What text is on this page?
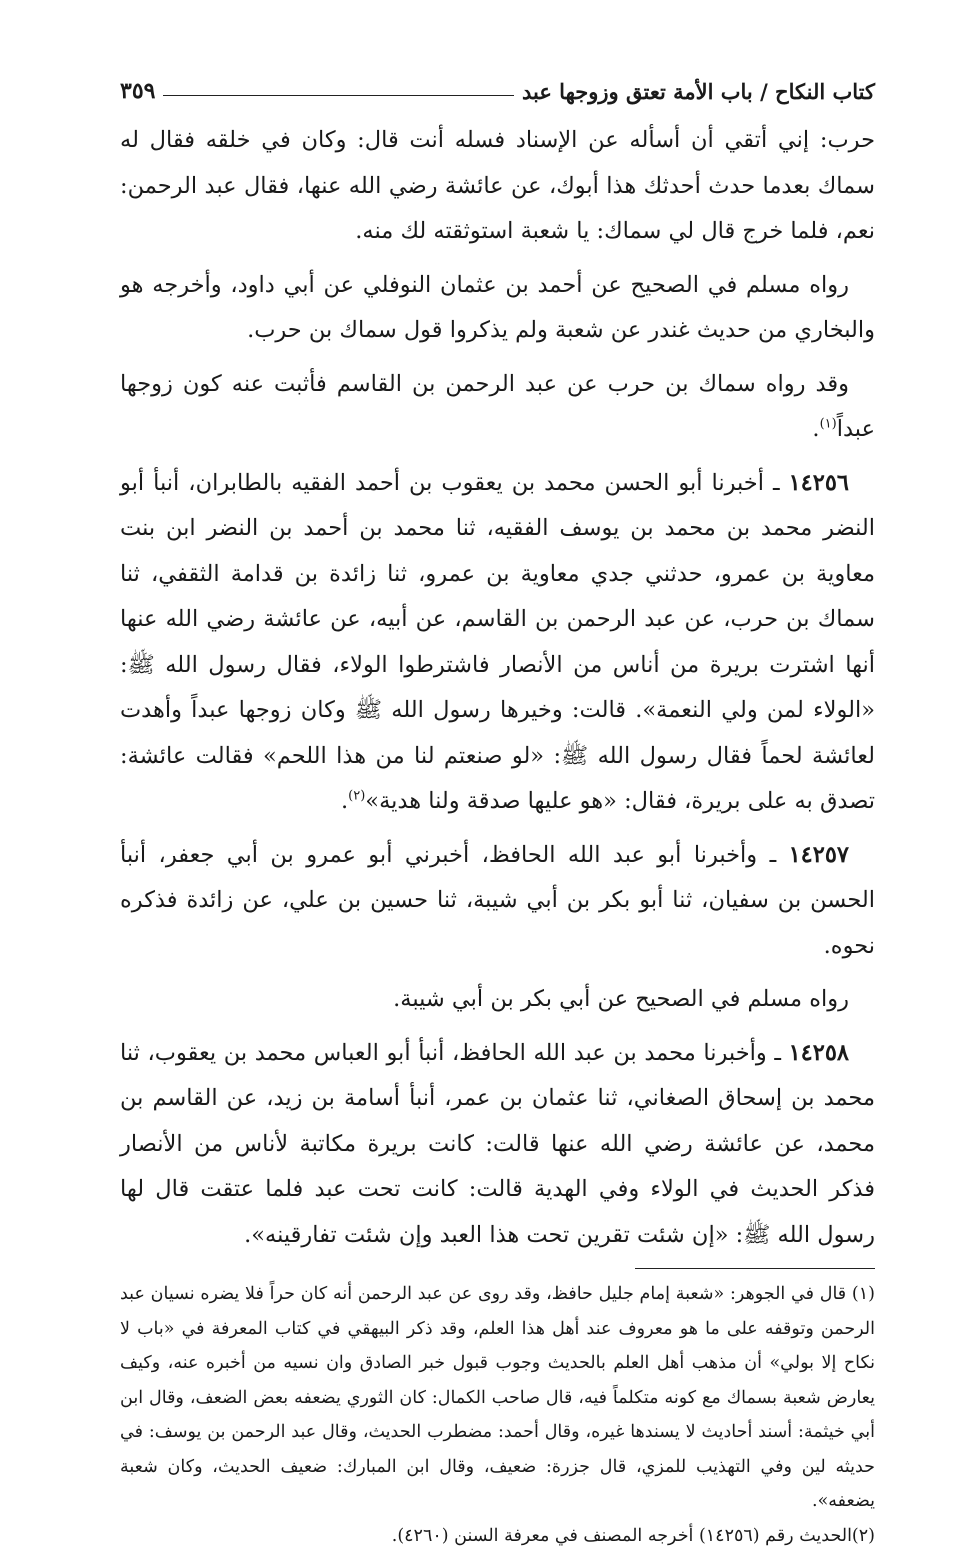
كتاب النكاح / باب الأمة تعتق وزوجها عبد
٣٥٩

حرب: إني أتقي أن أسأله عن الإسناد فسله أنت قال: وكان في خلقه فقال له سماك بعدما حدث أحدثك هذا أبوك، عن عائشة رضي الله عنها، فقال عبد الرحمن: نعم، فلما خرج قال لي سماك: يا شعبة استوثقته لك منه.

رواه مسلم في الصحيح عن أحمد بن عثمان النوفلي عن أبي داود، وأخرجه هو والبخاري من حديث غندر عن شعبة ولم يذكروا قول سماك بن حرب.

وقد رواه سماك بن حرب عن عبد الرحمن بن القاسم فأثبت عنه كون زوجها عبداً$^{(١)}$.

١٤٢٥٦ ـ أخبرنا أبو الحسن محمد بن يعقوب بن أحمد الفقيه بالطابران، أنبأ أبو النضر محمد بن محمد بن يوسف الفقيه، ثنا محمد بن أحمد بن النضر ابن بنت معاوية بن عمرو، حدثني جدي معاوية بن عمرو، ثنا زائدة بن قدامة الثقفي، ثنا سماك بن حرب، عن عبد الرحمن بن القاسم، عن أبيه، عن عائشة رضي الله عنها أنها اشترت بريرة من أناس من الأنصار فاشترطوا الولاء، فقال رسول الله ﷺ: «الولاء لمن ولي النعمة». قالت: وخيرها رسول الله ﷺ وكان زوجها عبداً وأهدت لعائشة لحماً فقال رسول الله ﷺ: «لو صنعتم لنا من هذا اللحم» فقالت عائشة: تصدق به على بريرة، فقال: «هو عليها صدقة ولنا هدية»$^{(٢)}$.

١٤٢٥٧ ـ وأخبرنا أبو عبد الله الحافظ، أخبرني أبو عمرو بن أبي جعفر، أنبأ الحسن بن سفيان، ثنا أبو بكر بن أبي شيبة، ثنا حسين بن علي، عن زائدة فذكره نحوه.

رواه مسلم في الصحيح عن أبي بكر بن أبي شيبة.

١٤٢٥٨ ـ وأخبرنا محمد بن عبد الله الحافظ، أنبأ أبو العباس محمد بن يعقوب، ثنا محمد بن إسحاق الصغاني، ثنا عثمان بن عمر، أنبأ أسامة بن زيد، عن القاسم بن محمد، عن عائشة رضي الله عنها قالت: كانت بريرة مكاتبة لأناس من الأنصار فذكر الحديث في الولاء وفي الهدية قالت: كانت تحت عبد فلما عتقت قال لها رسول الله ﷺ: «إن شئت تقرين تحت هذا العبد وإن شئت تفارقينه».

(١) قال في الجوهر: «شعبة إمام جليل حافظ، وقد روى عن عبد الرحمن أنه كان حراً فلا يضره نسيان عبد الرحمن وتوقفه على ما هو معروف عند أهل هذا العلم، وقد ذكر البيهقي في كتاب المعرفة في «باب لا نكاح إلا بولي» أن مذهب أهل العلم بالحديث وجوب قبول خبر الصادق وان نسيه من أخبره عنه، وكيف يعارض شعبة بسماك مع كونه متكلماً فيه، قال صاحب الكمال: كان الثوري يضعفه بعض الضعف، وقال ابن أبي خيثمة: أسند أحاديث لا يسندها غيره، وقال أحمد: مضطرب الحديث، وقال عبد الرحمن بن يوسف: في حديثه لين وفي التهذيب للمزي، قال جزرة: ضعيف، وقال ابن المبارك: ضعيف الحديث، وكان شعبة يضعفه».

(٢)الحديث رقم (١٤٢٥٦) أخرجه المصنف في معرفة السنن (٤٢٦٠).
